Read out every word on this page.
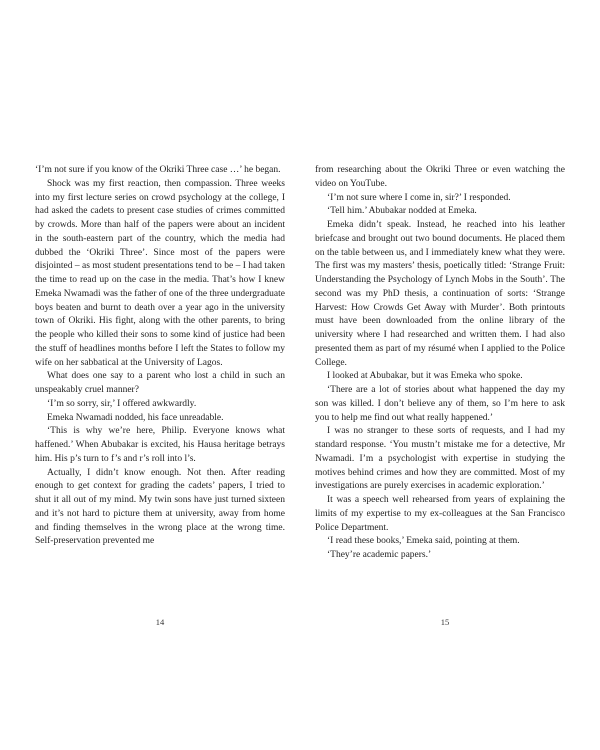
‘I’m not sure if you know of the Okriki Three case …’ he began.

Shock was my first reaction, then compassion. Three weeks into my first lecture series on crowd psychology at the college, I had asked the cadets to present case studies of crimes committed by crowds. More than half of the papers were about an incident in the south-eastern part of the country, which the media had dubbed the ‘Okriki Three’. Since most of the papers were disjointed – as most student presentations tend to be – I had taken the time to read up on the case in the media. That’s how I knew Emeka Nwamadi was the father of one of the three undergraduate boys beaten and burnt to death over a year ago in the university town of Okriki. His fight, along with the other parents, to bring the people who killed their sons to some kind of justice had been the stuff of headlines months before I left the States to follow my wife on her sabbatical at the University of Lagos.

What does one say to a parent who lost a child in such an unspeakably cruel manner?

‘I’m so sorry, sir,’ I offered awkwardly.

Emeka Nwamadi nodded, his face unreadable.

‘This is why we’re here, Philip. Everyone knows what haffened.’ When Abubakar is excited, his Hausa heritage betrays him. His p’s turn to f’s and r’s roll into l’s.

Actually, I didn’t know enough. Not then. After reading enough to get context for grading the cadets’ papers, I tried to shut it all out of my mind. My twin sons have just turned sixteen and it’s not hard to picture them at university, away from home and finding themselves in the wrong place at the wrong time. Self-preservation prevented me

14

from researching about the Okriki Three or even watching the video on YouTube.

‘I’m not sure where I come in, sir?’ I responded.

‘Tell him.’ Abubakar nodded at Emeka.

Emeka didn’t speak. Instead, he reached into his leather briefcase and brought out two bound documents. He placed them on the table between us, and I immediately knew what they were. The first was my masters’ thesis, poetically titled: ‘Strange Fruit: Understanding the Psychology of Lynch Mobs in the South’. The second was my PhD thesis, a continuation of sorts: ‘Strange Harvest: How Crowds Get Away with Murder’. Both printouts must have been downloaded from the online library of the university where I had researched and written them. I had also presented them as part of my résumé when I applied to the Police College.

I looked at Abubakar, but it was Emeka who spoke.

‘There are a lot of stories about what happened the day my son was killed. I don’t believe any of them, so I’m here to ask you to help me find out what really happened.’

I was no stranger to these sorts of requests, and I had my standard response. ‘You mustn’t mistake me for a detective, Mr Nwamadi. I’m a psychologist with expertise in studying the motives behind crimes and how they are committed. Most of my investigations are purely exercises in academic exploration.’

It was a speech well rehearsed from years of explaining the limits of my expertise to my ex-colleagues at the San Francisco Police Department.

‘I read these books,’ Emeka said, pointing at them.

‘They’re academic papers.’

15
